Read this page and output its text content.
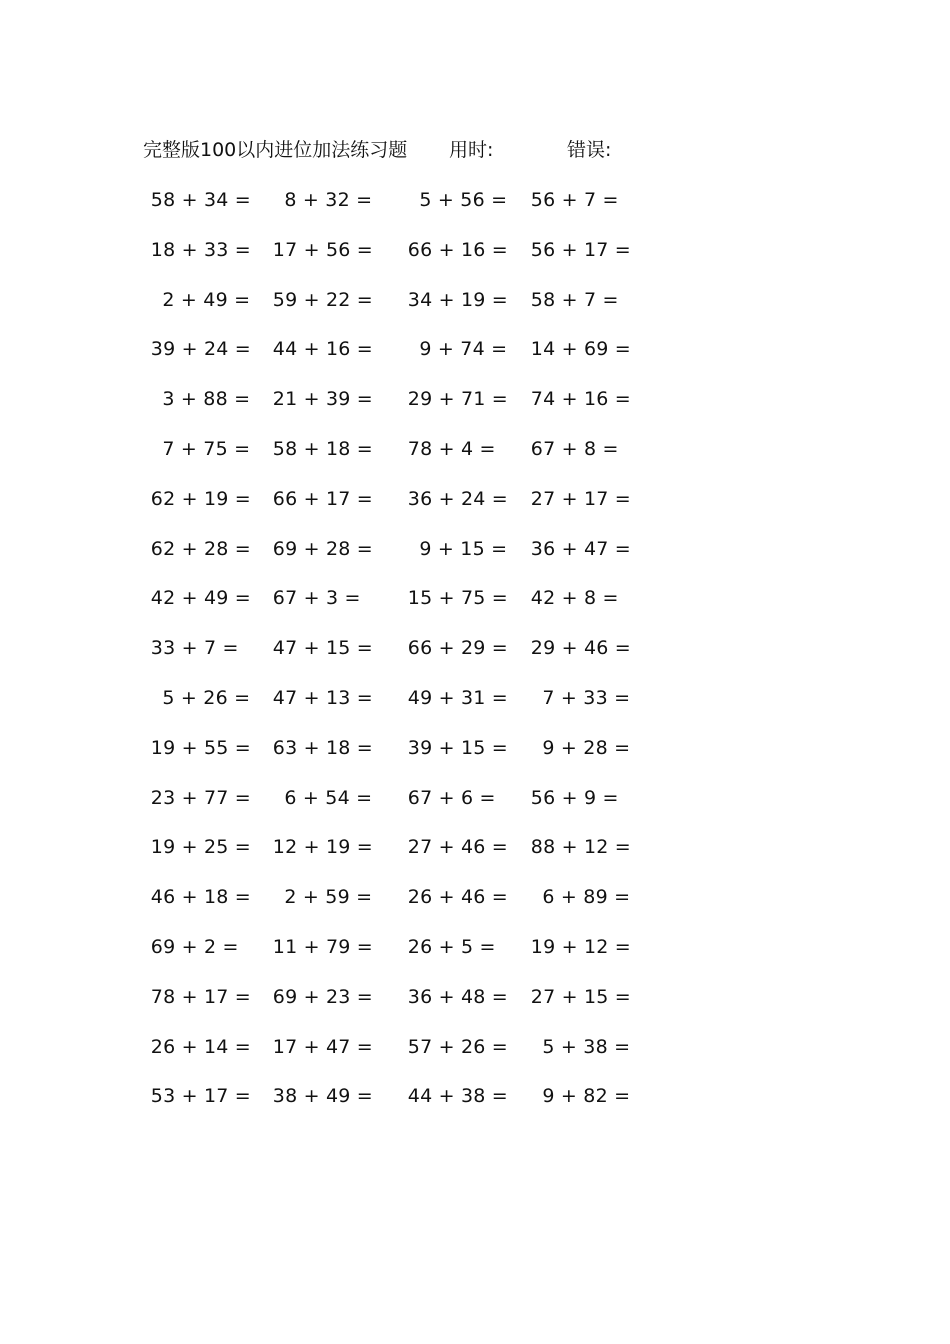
完整版100以内进位加法练习题 用时:	错误:
58 + 34 = 8 + 32 = 5 + 56 = 56 + 7 =
18 + 33 = 17 + 56 = 66 + 16 = 56 + 17 =
2 + 49 = 59 + 22 = 34 + 19 = 58 + 7 =
39 + 24 = 44 + 16 = 9 + 74 = 14 + 69 =
3 + 88 = 21 + 39 = 29 + 71 = 74 + 16 =
7 + 75 = 58 + 18 = 78 + 4 = 67 + 8 =
62 + 19 = 66 + 17 = 36 + 24 = 27 + 17 =
62 + 28 = 69 + 28 = 9 + 15 = 36 + 47 =
42 + 49 = 67 + 3 = 15 + 75 = 42 + 8 =
33 + 7 = 47 + 15 = 66 + 29 = 29 + 46 =
5 + 26 = 47 + 13 = 49 + 31 = 7 + 33 =
19 + 55 = 63 + 18 = 39 + 15 = 9 + 28 =
23 + 77 = 6 + 54 = 67 + 6 = 56 + 9 =
19 + 25 = 12 + 19 = 27 + 46 = 88 + 12 =
46 + 18 = 2 + 59 = 26 + 46 = 6 + 89 =
69 + 2 = 11 + 79 = 26 + 5 = 19 + 12 =
78 + 17 = 69 + 23 = 36 + 48 = 27 + 15 =
26 + 14 = 17 + 47 = 57 + 26 = 5 + 38 =
53 + 17 = 38 + 49 = 44 + 38 = 9 + 82 =
